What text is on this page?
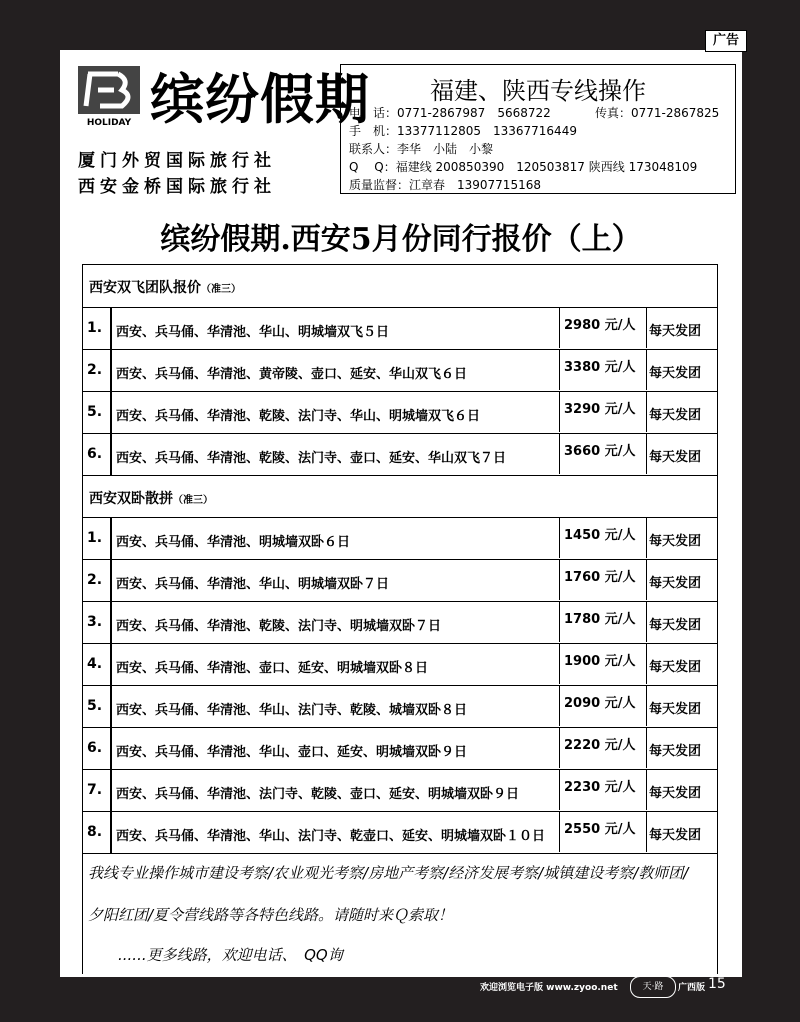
广告
HOLIDAY 缤纷假期
厦门外贸国际旅行社
西安金桥国际旅行社
福建、陕西专线操作
电　话：0771-2867987　5668722	传真：0771-2867825
手　机：13377112805　13367716449
联系人：李华　小陆　小黎
Q　 Q：福建线 200850390　120503817 陕西线 173048109
质量监督：江章春　13907715168
缤纷假期.西安5月份同行报价（上）
西安双飞团队报价（准三）
1. 西安、兵马俑、华清池、华山、明城墙双飞５日	2980 元/人	每天发团
2. 西安、兵马俑、华清池、黄帝陵、壶口、延安、华山双飞６日	3380 元/人	每天发团
5. 西安、兵马俑、华清池、乾陵、法门寺、华山、明城墙双飞６日	3290 元/人	每天发团
6. 西安、兵马俑、华清池、乾陵、法门寺、壶口、延安、华山双飞７日	3660 元/人	每天发团
西安双卧散拼（准三）
1. 西安、兵马俑、华清池、明城墙双卧６日	1450 元/人	每天发团
2. 西安、兵马俑、华清池、华山、明城墙双卧７日	1760 元/人	每天发团
3. 西安、兵马俑、华清池、乾陵、法门寺、明城墙双卧７日	1780 元/人	每天发团
4. 西安、兵马俑、华清池、壶口、延安、明城墙双卧８日	1900 元/人	每天发团
5. 西安、兵马俑、华清池、华山、法门寺、乾陵、城墙双卧８日	2090 元/人	每天发团
6. 西安、兵马俑、华清池、华山、壶口、延安、明城墙双卧９日	2220 元/人	每天发团
7. 西安、兵马俑、华清池、法门寺、乾陵、壶口、延安、明城墙双卧９日	2230 元/人	每天发团
8. 西安、兵马俑、华清池、华山、法门寺、乾壶口、延安、明城墙双卧１０日	2550 元/人	每天发团
我线专业操作城市建设考察/农业观光考察/房地产考察/经济发展考察/城镇建设考察/教师团/
夕阳红团/夏令营线路等各特色线路。请随时来Ｑ索取！
......更多线路，欢迎电话、　QQ询
欢迎浏览电子版 www.zyoo.net	天·路	广西版 15
